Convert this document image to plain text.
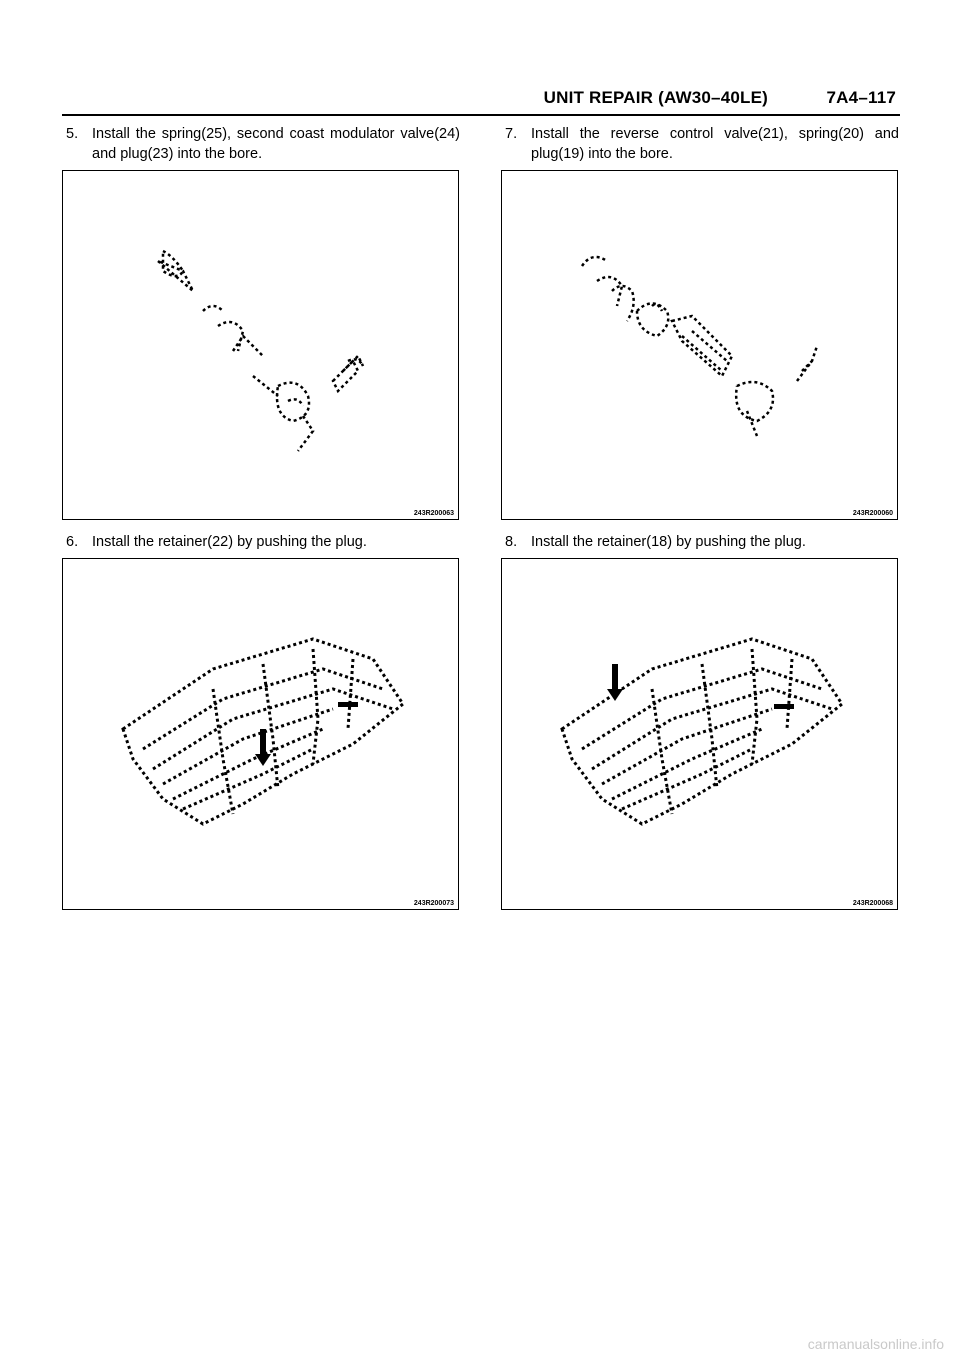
UNIT REPAIR (AW30–40LE)	7A4–117
5. Install the spring(25), second coast modulator valve(24) and plug(23) into the bore.
243R200063
7. Install the reverse control valve(21), spring(20) and plug(19) into the bore.
243R200060
6. Install the retainer(22) by pushing the plug.
243R200073
8. Install the retainer(18) by pushing the plug.
243R200068
carmanualsonline.info
